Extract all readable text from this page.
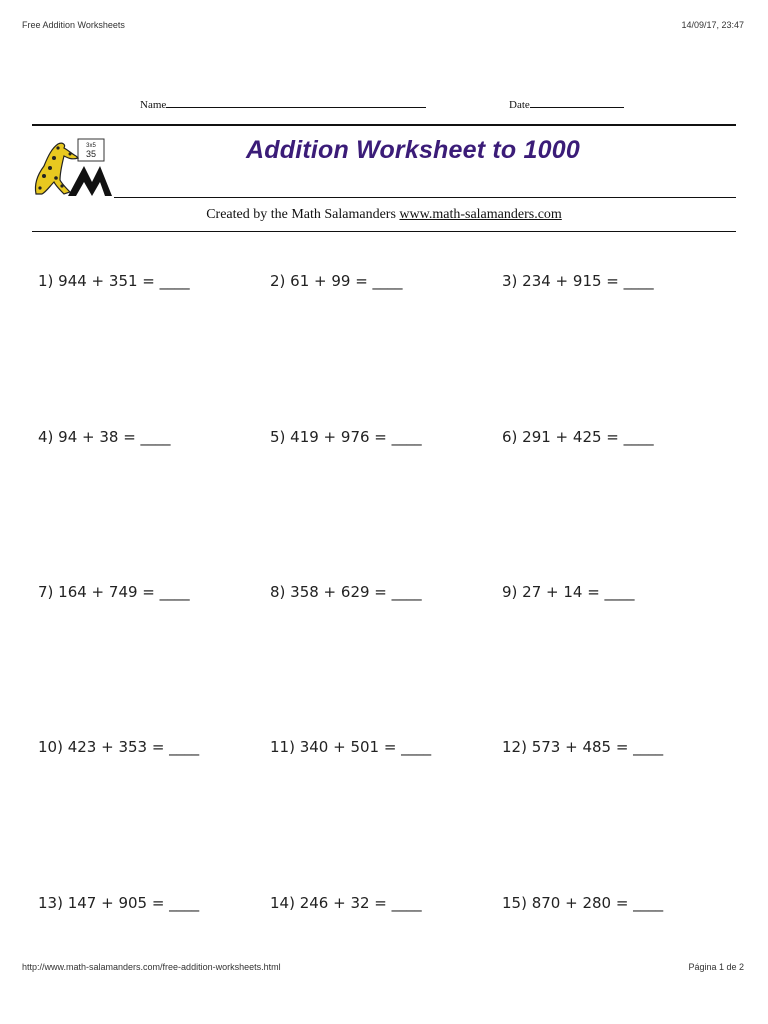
Free Addition Worksheets	14/09/17, 23:47
Name	Date
3x5
35	Addition Worksheet to 1000
Created by the Math Salamanders www.math-salamanders.com
1) 944 + 351 = ____	2) 61 + 99 = ____	3) 234 + 915 = ____
4) 94 + 38 = ____	5) 419 + 976 = ____	6) 291 + 425 = ____
7) 164 + 749 = ____	8) 358 + 629 = ____	9) 27 + 14 = ____
10) 423 + 353 = ____	11) 340 + 501 = ____	12) 573 + 485 = ____
13) 147 + 905 = ____	14) 246 + 32 = ____	15) 870 + 280 = ____
http://www.math-salamanders.com/free-addition-worksheets.html	Página 1 de 2
